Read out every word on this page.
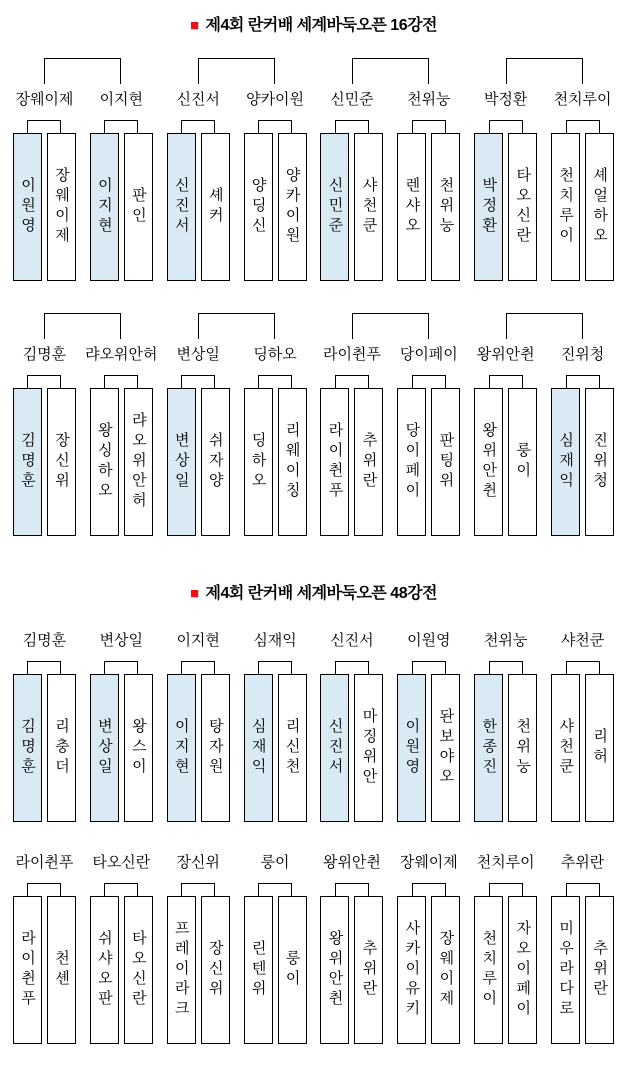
■ 제4회 란커배 세계바둑오픈 16강전
장웨이제
이원영 장웨이제
이지현
이지현 판인
신진서
신진서 셰커
양카이원
양딩신 양카이원
신민준
신민준 샤천쿤
천위눙
렌샤오 천위눙
박정환
박정환 타오신란
천치루이
천치루이 셰얼하오
김명훈
김명훈 장신위
랴오위안허
왕싱하오 랴오위안허
변상일
변상일 쉬자양
딩하오
딩하오 리웨이칭
라이췬푸
라이췬푸 추위란
당이페이
당이페이 판팅위
왕위안췬
왕위안췬 룽이
진위청
심재익 진위청
■ 제4회 란커배 세계바둑오픈 48강전
김명훈
김명훈 리충더
변상일
변상일 왕스이
이지현
이지현 탕자원
심재익
심재익 리신천
신진서
신진서 마징위안
이원영
이원영 돤보야오
천위눙
한종진 천위눙
샤천쿤
샤천쿤 리허
라이췬푸
라이췬푸 천셴
타오신란
쉬샤오판 타오신란
장신위
프레이라크 장신위
룽이
린텐위 룽이
왕위안췬
왕위안췬 추위란
장웨이제
사카이유키 장웨이제
천치루이
천치루이 자오이페이
추위란
미우라다로 추위란
